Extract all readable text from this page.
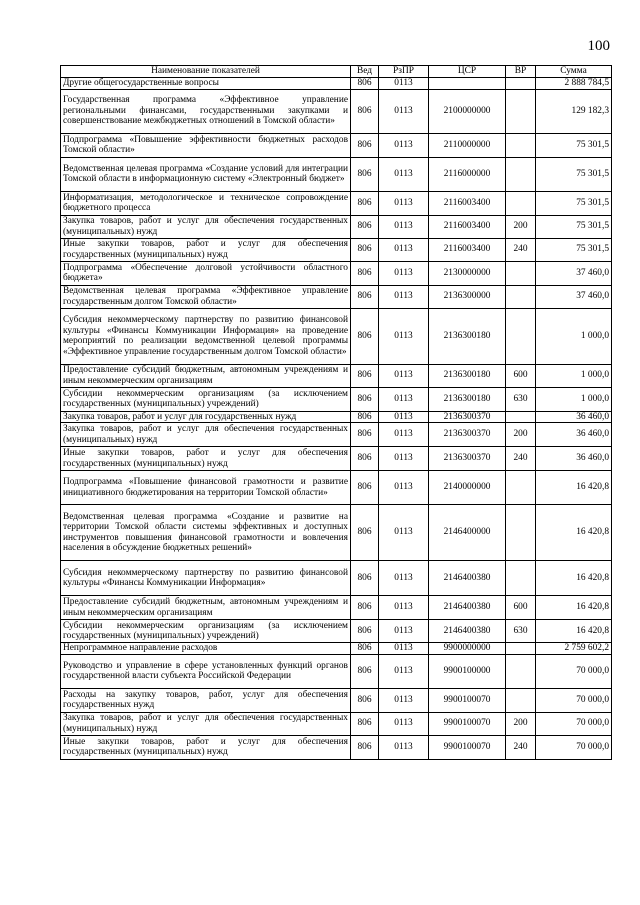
100
Наименование показателей	Вед	РзПР	ЦСР	ВР	Сумма
Другие общегосударственные вопросы	806	0113			2 888 784,5
Государственная программа «Эффективное управление региональными финансами, государственными закупками и совершенствование межбюджетных отношений в Томской области»	806	0113	2100000000		129 182,3
Подпрограмма «Повышение эффективности бюджетных расходов Томской области»	806	0113	2110000000		75 301,5
Ведомственная целевая программа «Создание условий для интеграции Томской области в информационную систему «Электронный бюджет»	806	0113	2116000000		75 301,5
Информатизация, методологическое и техническое сопровождение бюджетного процесса	806	0113	2116003400		75 301,5
Закупка товаров, работ и услуг для обеспечения государственных (муниципальных) нужд	806	0113	2116003400	200	75 301,5
Иные закупки товаров, работ и услуг для обеспечения государственных (муниципальных) нужд	806	0113	2116003400	240	75 301,5
Подпрограмма «Обеспечение долговой устойчивости областного бюджета»	806	0113	2130000000		37 460,0
Ведомственная целевая программа «Эффективное управление государственным долгом Томской области»	806	0113	2136300000		37 460,0
Субсидия некоммерческому партнерству по развитию финансовой культуры «Финансы Коммуникации Информация» на проведение мероприятий по реализации ведомственной целевой программы «Эффективное управление государственным долгом Томской области»	806	0113	2136300180		1 000,0
Предоставление субсидий бюджетным, автономным учреждениям и иным некоммерческим организациям	806	0113	2136300180	600	1 000,0
Субсидии некоммерческим организациям (за исключением государственных (муниципальных) учреждений)	806	0113	2136300180	630	1 000,0
Закупка товаров, работ и услуг для государственных нужд	806	0113	2136300370		36 460,0
Закупка товаров, работ и услуг для обеспечения государственных (муниципальных) нужд	806	0113	2136300370	200	36 460,0
Иные закупки товаров, работ и услуг для обеспечения государственных (муниципальных) нужд	806	0113	2136300370	240	36 460,0
Подпрограмма «Повышение финансовой грамотности и развитие инициативного бюджетирования на территории Томской области»	806	0113	2140000000		16 420,8
Ведомственная целевая программа «Создание и развитие на территории Томской области системы эффективных и доступных инструментов повышения финансовой грамотности и вовлечения населения в обсуждение бюджетных решений»	806	0113	2146400000		16 420,8
Субсидия некоммерческому партнерству по развитию финансовой культуры «Финансы Коммуникации Информация»	806	0113	2146400380		16 420,8
Предоставление субсидий бюджетным, автономным учреждениям и иным некоммерческим организациям	806	0113	2146400380	600	16 420,8
Субсидии некоммерческим организациям (за исключением государственных (муниципальных) учреждений)	806	0113	2146400380	630	16 420,8
Непрограммное направление расходов	806	0113	9900000000		2 759 602,2
Руководство и управление в сфере установленных функций органов государственной власти субъекта Российской Федерации	806	0113	9900100000		70 000,0
Расходы на закупку товаров, работ, услуг для обеспечения государственных нужд	806	0113	9900100070		70 000,0
Закупка товаров, работ и услуг для обеспечения государственных (муниципальных) нужд	806	0113	9900100070	200	70 000,0
Иные закупки товаров, работ и услуг для обеспечения государственных (муниципальных) нужд	806	0113	9900100070	240	70 000,0
